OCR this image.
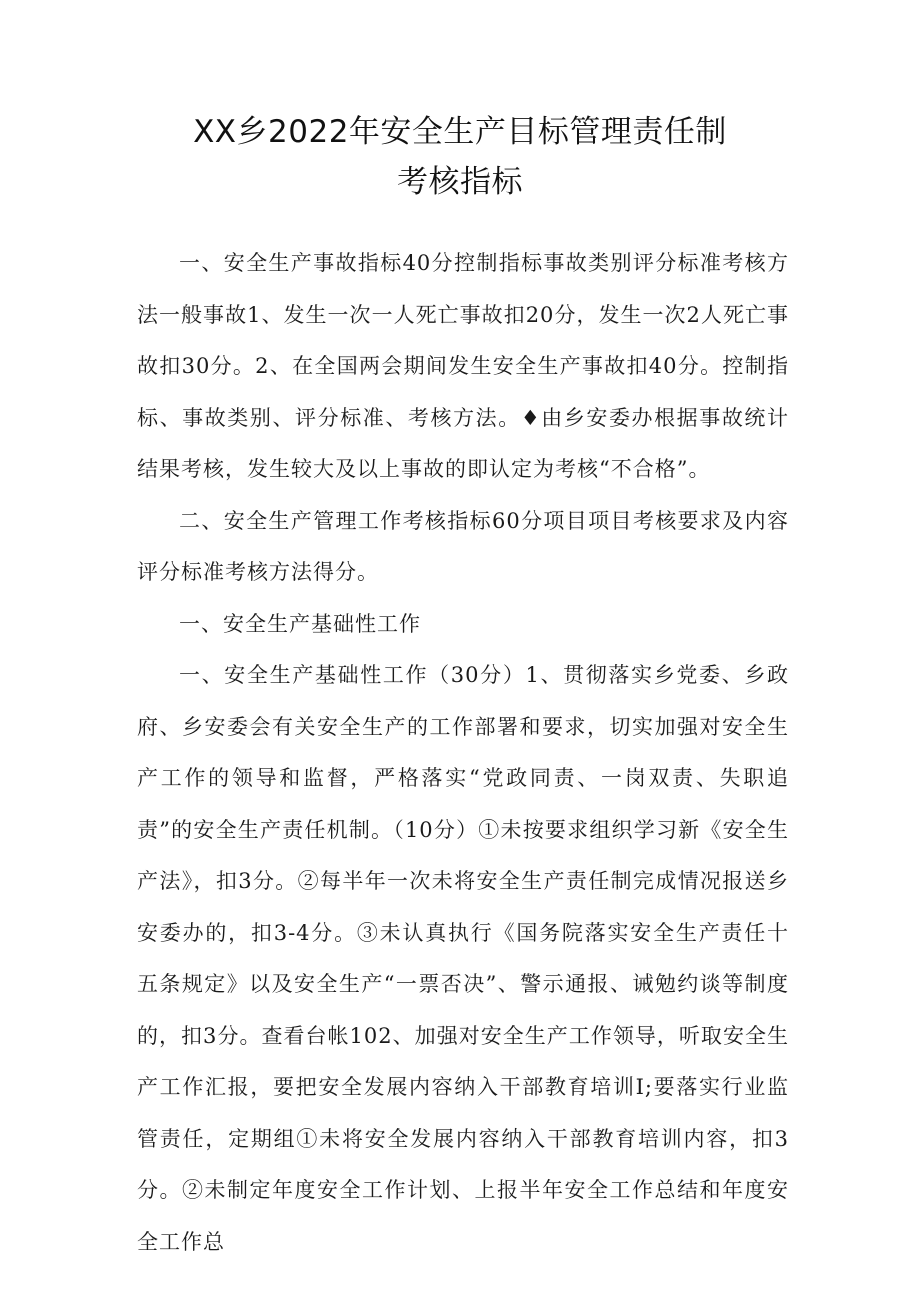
XX乡2022年安全生产目标管理责任制
考核指标

一、安全生产事故指标40分控制指标事故类别评分标准考核方法一般事故1、发生一次一人死亡事故扣20分，发生一次2人死亡事故扣30分。2、在全国两会期间发生安全生产事故扣40分。控制指标、事故类别、评分标准、考核方法。♦由乡安委办根据事故统计结果考核，发生较大及以上事故的即认定为考核“不合格”。

二、安全生产管理工作考核指标60分项目项目考核要求及内容评分标准考核方法得分。

一、安全生产基础性工作

一、安全生产基础性工作（30分）1、贯彻落实乡党委、乡政府、乡安委会有关安全生产的工作部署和要求，切实加强对安全生产工作的领导和监督，严格落实“党政同责、一岗双责、失职追责”的安全生产责任机制。（10分）①未按要求组织学习新《安全生产法》，扣3分。②每半年一次未将安全生产责任制完成情况报送乡安委办的，扣3-4分。③未认真执行《国务院落实安全生产责任十五条规定》以及安全生产“一票否决”、警示通报、诫勉约谈等制度的，扣3分。查看台帐102、加强对安全生产工作领导，听取安全生产工作汇报，要把安全发展内容纳入干部教育培训I;要落实行业监管责任，定期组①未将安全发展内容纳入干部教育培训内容，扣3分。②未制定年度安全工作计划、上报半年安全工作总结和年度安全工作总
